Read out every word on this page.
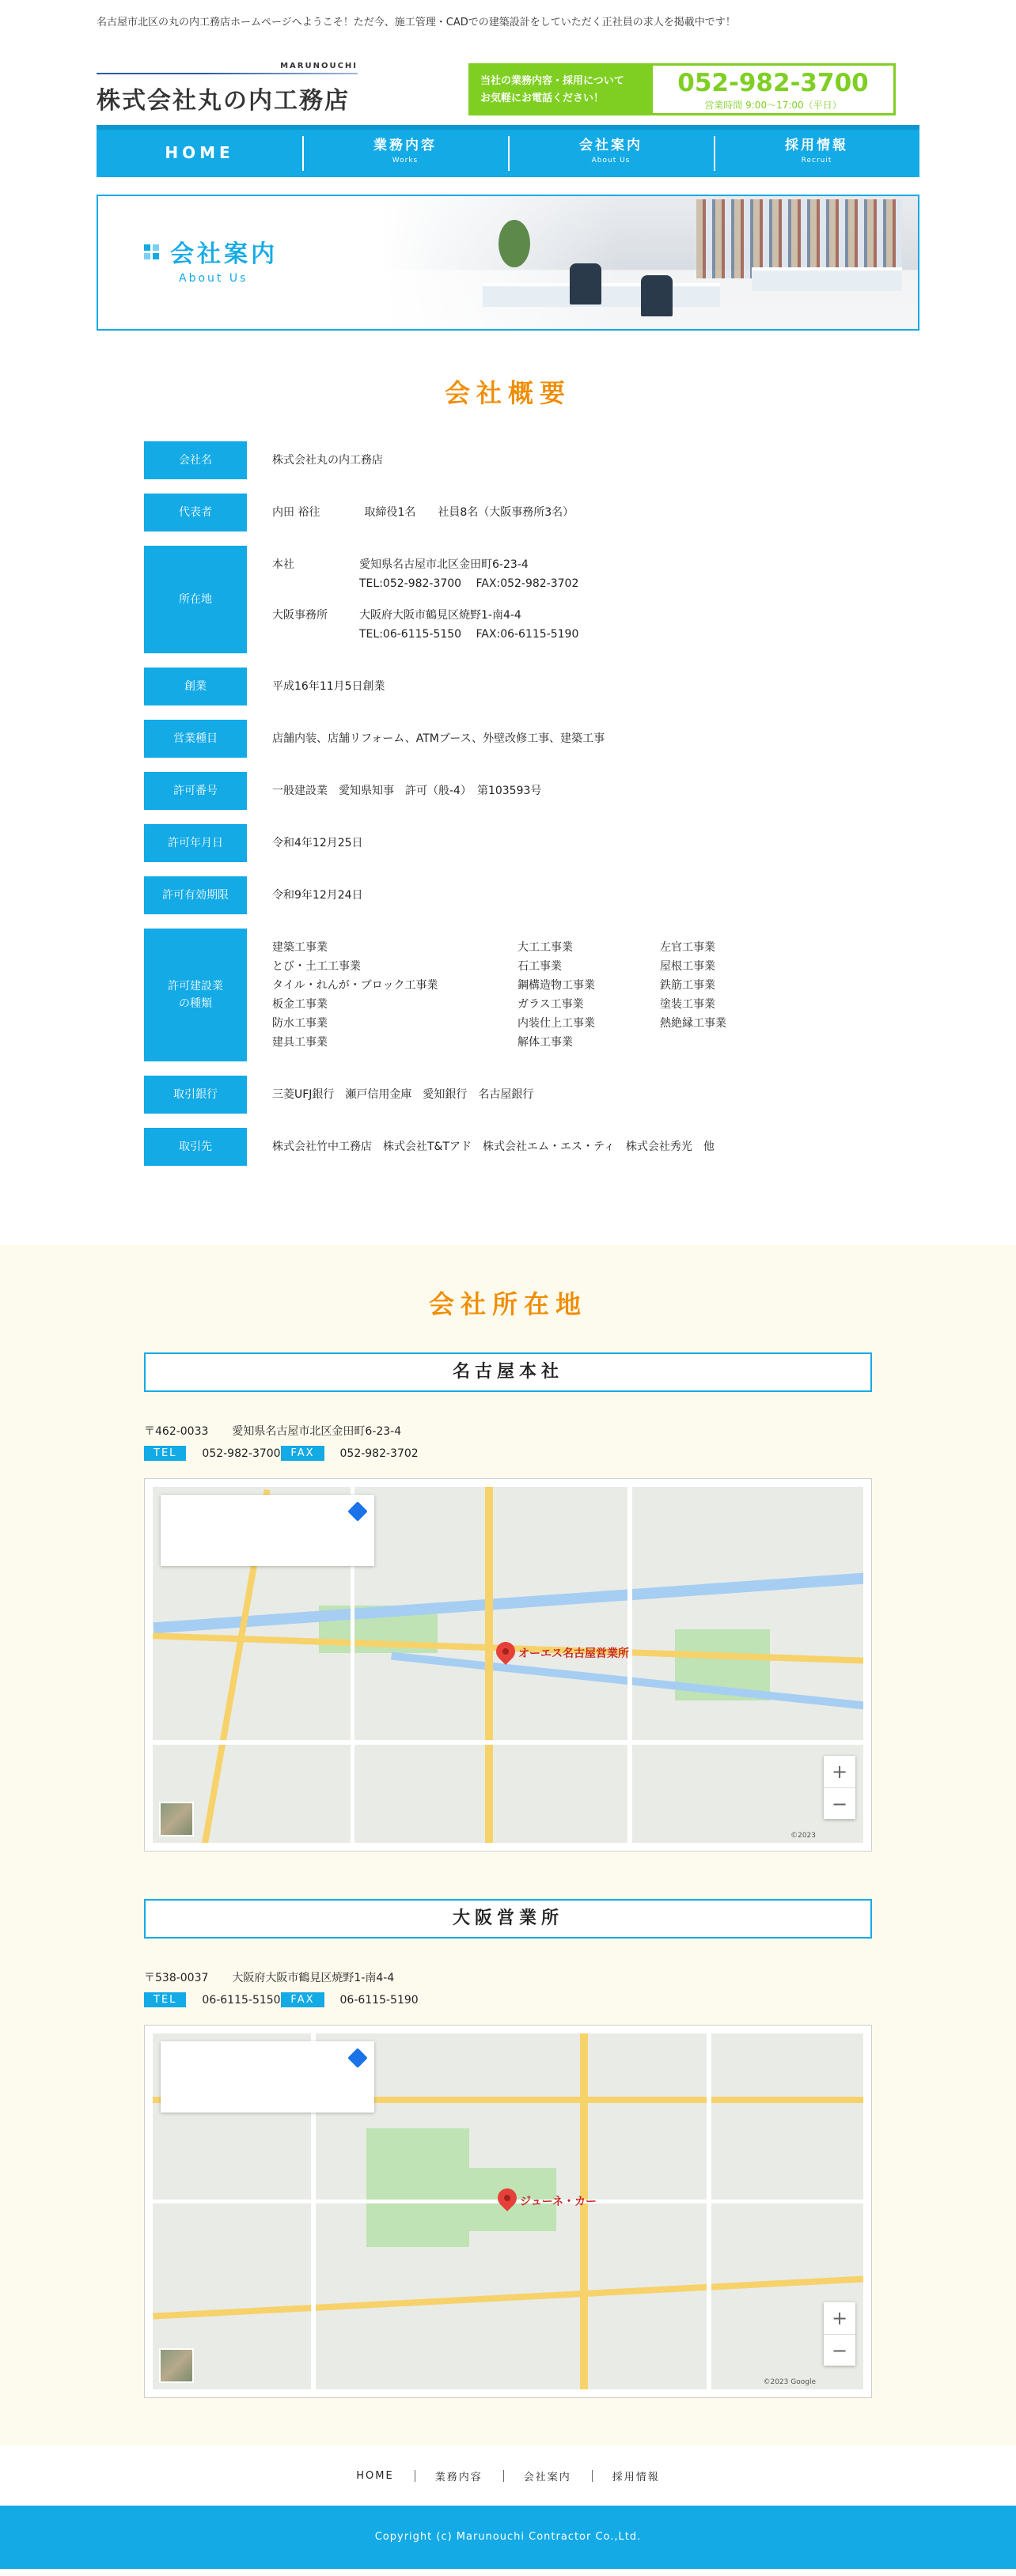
名古屋市北区の丸の内工務店ホームページへようこそ！ただ今、施工管理・CADでの建築設計をしていただく正社員の求人を掲載中です！
MARUNOUCHI
株式会社丸の内工務店
当社の業務内容・採用について
お気軽にお電話ください！
052-982-3700
営業時間 9:00〜17:00（平日）
HOME	業務内容
Works
会社案内
About Us
採用情報
Recruit
会社案内
About Us
会社概要
会社名	株式会社丸の内工務店
代表者	内田 裕往　　　　取締役1名　　社員8名（大阪事務所3名）
所在地
本社	愛知県名古屋市北区金田町6-23-4
TEL:052-982-3700　 FAX:052-982-3702
大阪事務所	大阪府大阪市鶴見区焼野1-南4-4
TEL:06-6115-5150　 FAX:06-6115-5190
創業	平成16年11月5日創業
営業種目	店舗内装、店舗リフォーム、ATMブース、外壁改修工事、建築工事
許可番号	一般建設業　愛知県知事　許可（般-4）　第103593号
許可年月日	令和4年12月25日
許可有効期限	令和9年12月24日
許可建設業
の種類
建築工事業	大工工事業	左官工事業
とび・土工工事業	石工事業	屋根工事業
タイル・れんが・ブロック工事業	鋼構造物工事業	鉄筋工事業
板金工事業	ガラス工事業	塗装工事業
防水工事業	内装仕上工事業	熱絶縁工事業
建具工事業	解体工事業
取引銀行	三菱UFJ銀行　瀬戸信用金庫　愛知銀行　名古屋銀行
取引先	株式会社竹中工務店　株式会社T&Tアド　株式会社エム・エス・ティ　株式会社秀光　他
会社所在地
名古屋本社
〒462-0033 愛知県名古屋市北区金田町6-23-4
TEL	052-982-3700 FAX	052-982-3702
オーエス名古屋営業所
+
−
©2023
大阪営業所
〒538-0037 大阪府大阪市鶴見区焼野1-南4-4
TEL	06-6115-5150 FAX	06-6115-5190
ジューネ・カー
+
−
©2023 Google
HOME	業務内容	会社案内	採用情報
Copyright (c) Marunouchi Contractor Co.,Ltd.
